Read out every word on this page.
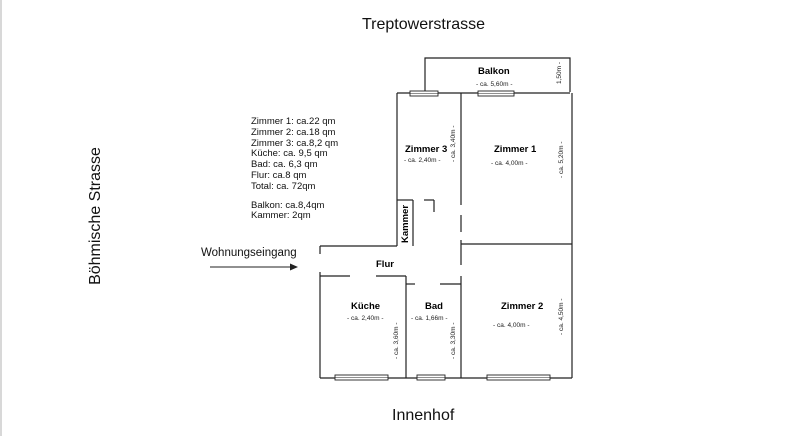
Treptowerstrasse
Innenhof
Böhmische Strasse
Zimmer 1: ca.22 qm
Zimmer 2: ca.18 qm
Zimmer 3: ca.8,2 qm
Küche: ca. 9,5 qm
Bad: ca. 6,3 qm
Flur: ca.8 qm
Total: ca. 72qm
Balkon: ca.8,4qm
Kammer: 2qm
Wohnungseingang
Balkon
- ca. 5,60m -
1,50m -
Zimmer 3
- ca. 2,40m - - ca. 3,40m -	Zimmer 1
- ca. 4,00m -	- ca. 5,20m -
Kammer
Flur
Küche
- ca. 2,40m -
- ca. 3,60m -
Bad
- ca. 1,66m -
- ca. 3,30m -
Zimmer 2
- ca. 4,00m -	- ca. 4,50m -
